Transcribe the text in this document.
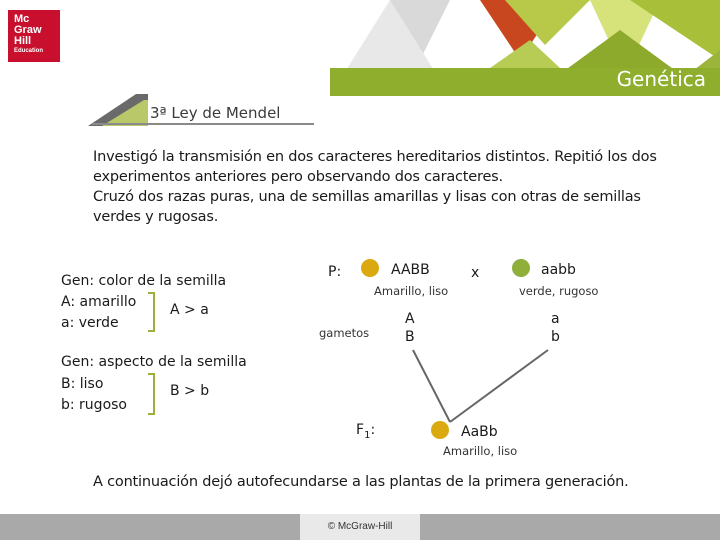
Mc
Graw
Hill
Education
Genética
3ª Ley de Mendel
Investigó la transmisión en dos caracteres hereditarios distintos. Repitió los dos
experimentos anteriores pero observando dos caracteres.
Cruzó dos razas puras, una de semillas amarillas y lisas con otras de semillas
verdes y rugosas.
Gen: color de la semilla
A: amarillo
a: verde
A > a
Gen: aspecto de la semilla
B: liso
b: rugoso
B > b
P:	AABB
Amarillo, liso
x	aabb
verde, rugoso
gametos
A
B
a
b
$F_1$:	AaBb
Amarillo, liso
A continuación dejó autofecundarse a las plantas de la primera generación.
© McGraw-Hill
